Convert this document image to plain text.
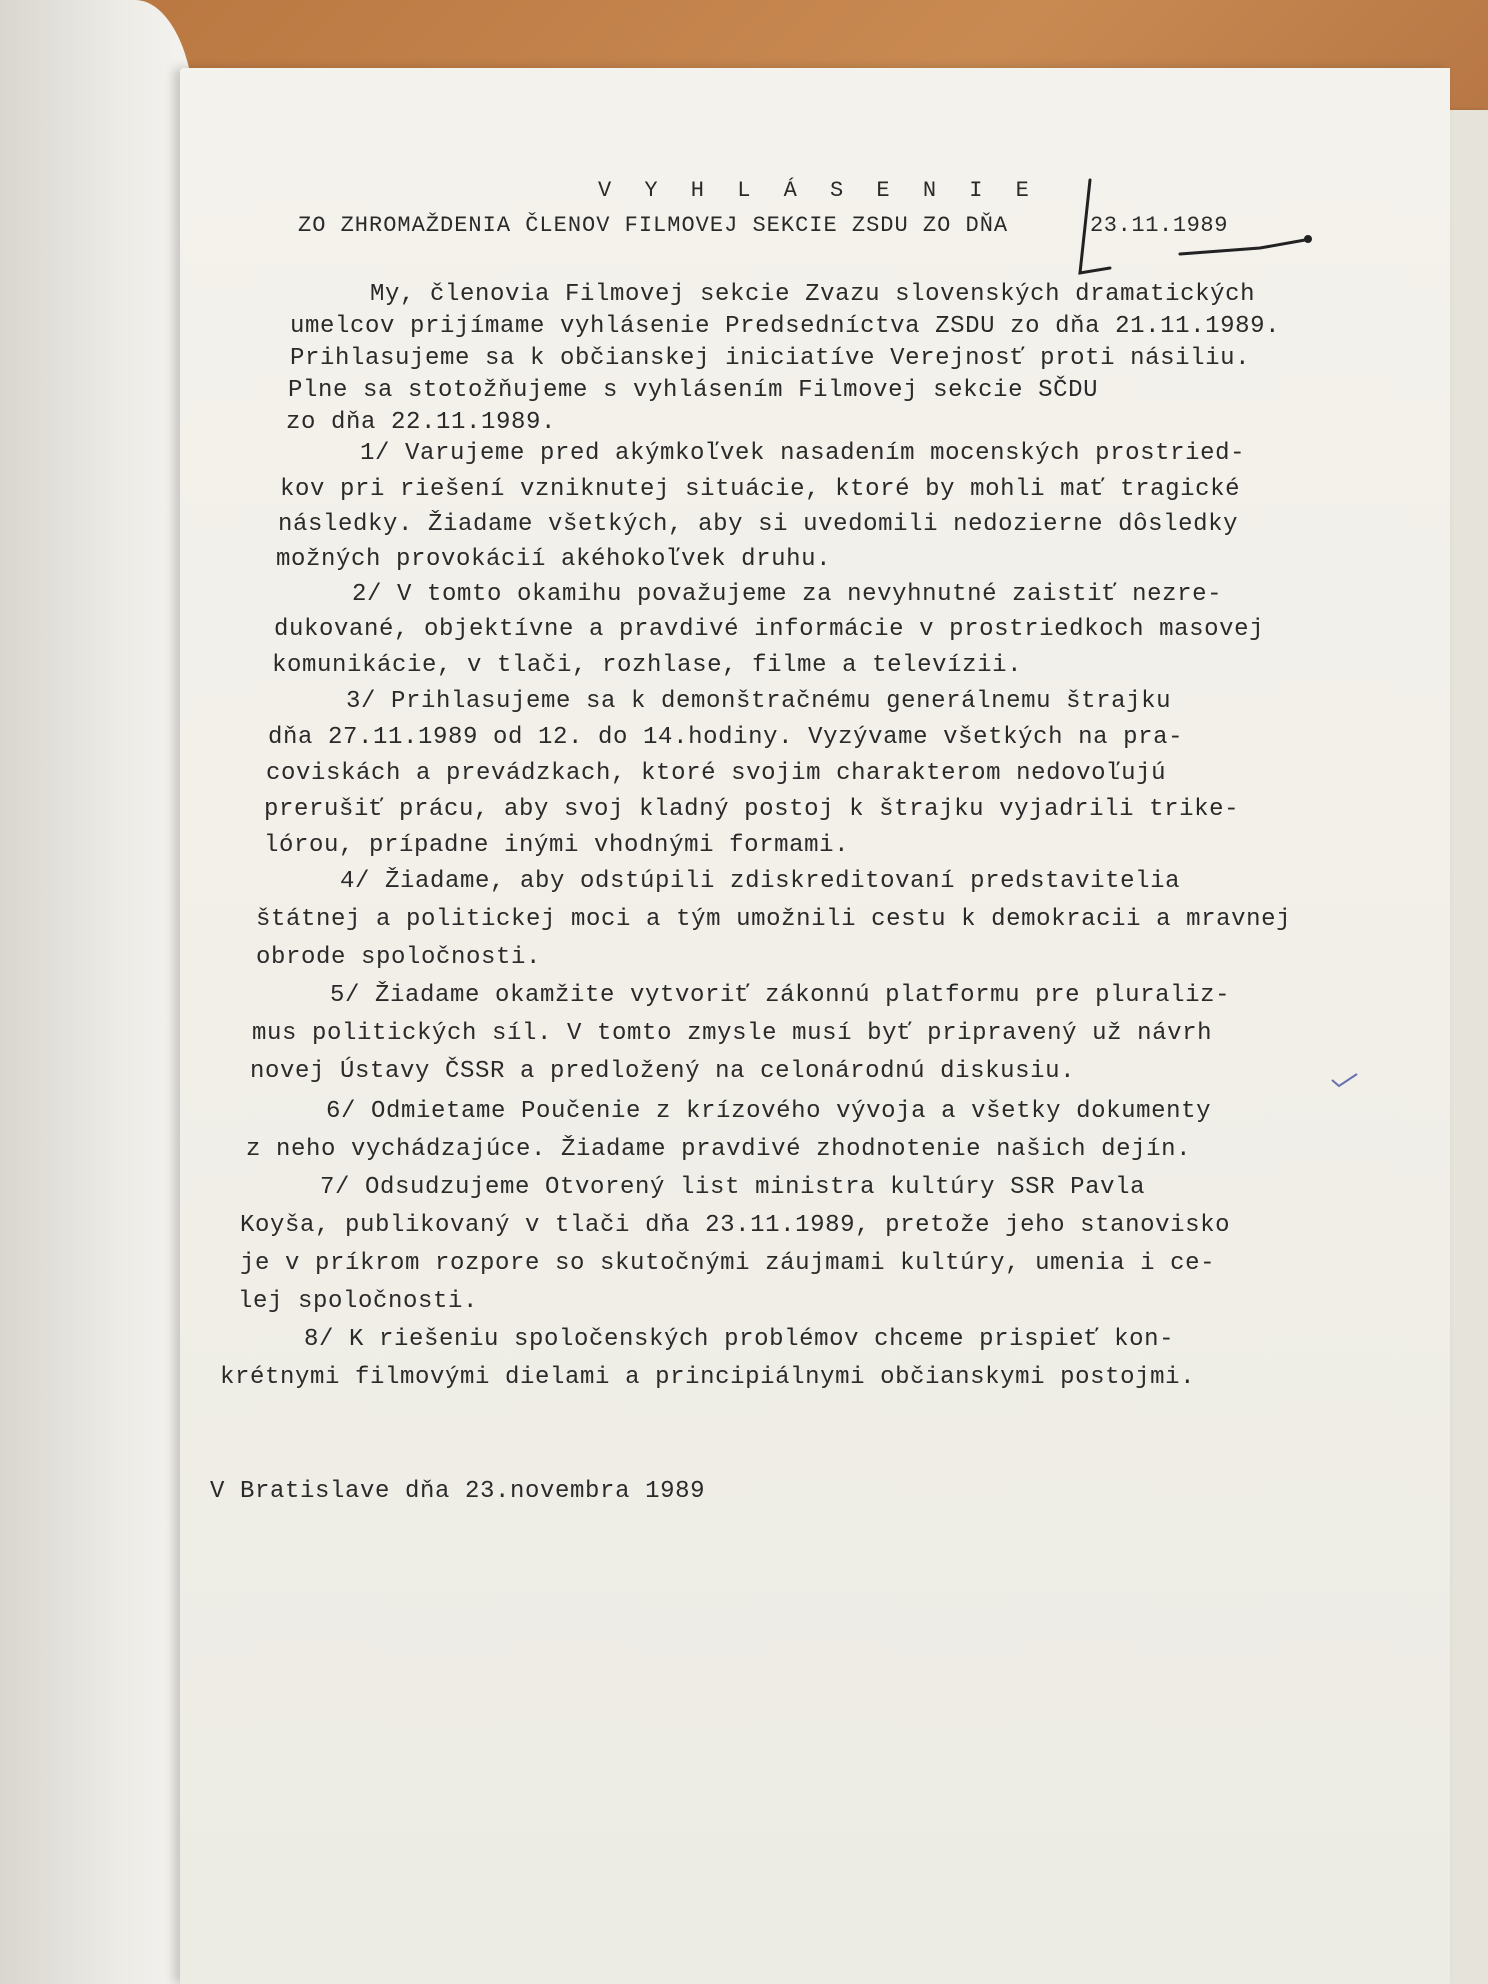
V Y H L Á S E N I E
ZO ZHROMAŽDENIA ČLENOV FILMOVEJ SEKCIE ZSDU ZO DŇA	23.11.1989
My, členovia Filmovej sekcie Zvazu slovenských dramatických
umelcov prijímame vyhlásenie Predsedníctva ZSDU zo dňa 21.11.1989.
Prihlasujeme sa k občianskej iniciatíve Verejnosť proti násiliu.
Plne sa stotožňujeme s vyhlásením Filmovej sekcie SČDU
zo dňa 22.11.1989.
1/ Varujeme pred akýmkoľvek nasadením mocenských prostried-
kov pri riešení vzniknutej situácie, ktoré by mohli mať tragické
následky. Žiadame všetkých, aby si uvedomili nedozierne dôsledky
možných provokácií akéhokoľvek druhu.
2/ V tomto okamihu považujeme za nevyhnutné zaistiť nezre-
dukované, objektívne a pravdivé informácie v prostriedkoch masovej
komunikácie, v tlači, rozhlase, filme a televízii.
3/ Prihlasujeme sa k demonštračnému generálnemu štrajku
dňa 27.11.1989 od 12. do 14.hodiny. Vyzývame všetkých na pra-
coviskách a prevádzkach, ktoré svojim charakterom nedovoľujú
prerušiť prácu, aby svoj kladný postoj k štrajku vyjadrili trike-
lórou, prípadne inými vhodnými formami.
4/ Žiadame, aby odstúpili zdiskreditovaní predstavitelia
štátnej a politickej moci a tým umožnili cestu k demokracii a mravnej
obrode spoločnosti.
5/ Žiadame okamžite vytvoriť zákonnú platformu pre pluraliz-
mus politických síl. V tomto zmysle musí byť pripravený už návrh
novej Ústavy ČSSR a predložený na celonárodnú diskusiu.
6/ Odmietame Poučenie z krízového vývoja a všetky dokumenty
z neho vychádzajúce. Žiadame pravdivé zhodnotenie našich dejín.
7/ Odsudzujeme Otvorený list ministra kultúry SSR Pavla
Koyša, publikovaný v tlači dňa 23.11.1989, pretože jeho stanovisko
je v príkrom rozpore so skutočnými záujmami kultúry, umenia i ce-
lej spoločnosti.
8/ K riešeniu spoločenských problémov chceme prispieť kon-
krétnymi filmovými dielami a principiálnymi občianskymi postojmi.
V Bratislave dňa 23.novembra 1989
